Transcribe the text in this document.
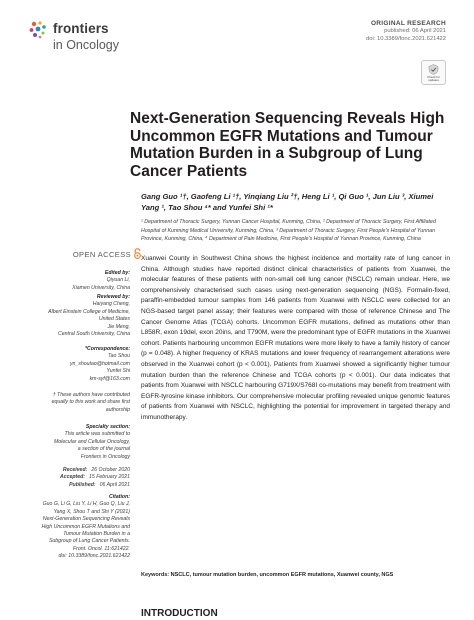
frontiers
in Oncology
ORIGINAL RESEARCH
published: 06 April 2021
doi: 10.3389/fonc.2021.621422
Check for updates
Next-Generation Sequencing Reveals High Uncommon EGFR Mutations and Tumour Mutation Burden in a Subgroup of Lung Cancer Patients
Gang Guo ¹†, Gaofeng Li ¹†, Yinqiang Liu ²†, Heng Li ¹, Qi Guo ¹, Jun Liu ³, Xiumei Yang ¹, Tao Shou ⁴* and Yunfei Shi ¹*
¹ Department of Thoracic Surgery, Yunnan Cancer Hospital, Kunming, China, ² Department of Thoracic Surgery, First Affiliated Hospital of Kunming Medical University, Kunming, China, ³ Department of Thoracic Surgery, First People's Hospital of Yunnan Province, Kunming, China, ⁴ Department of Pain Medicine, First People's Hospital of Yunnan Province, Kunming, China
OPEN ACCESS
Edited by:
Qiyuan Li,
Xiamen University, China
Reviewed by:
Haiyang Cheng,
Albert Einstein College of Medicine,
United States
Jie Meng,
Central South University, China
*Correspondence:
Tao Shou
yn_shoutao@hotmail.com
Yunfei Shi
km-syf@163.com
† These authors have contributed
equally to this work and share first
authorship
Specialty section:
This article was submitted to
Molecular and Cellular Oncology,
a section of the journal
Frontiers in Oncology
Received: 26 October 2020
Accepted: 15 February 2021
Published: 06 April 2021
Citation:
Guo G, Li G, Liu Y, Li H, Guo Q, Liu J,
Yang X, Shou T and Shi Y (2021)
Next-Generation Sequencing Reveals
High Uncommon EGFR Mutations and
Tumour Mutation Burden in a
Subgroup of Lung Cancer Patients.
Front. Oncol. 11:621422.
doi: 10.3389/fonc.2021.621422
Xuanwei County in Southwest China shows the highest incidence and mortality rate of lung cancer in China. Although studies have reported distinct clinical characteristics of patients from Xuanwei, the molecular features of these patients with non-small cell lung cancer (NSCLC) remain unclear. Here, we comprehensively characterised such cases using next-generation sequencing (NGS). Formalin-fixed, paraffin-embedded tumour samples from 146 patients from Xuanwei with NSCLC were collected for an NGS-based target panel assay; their features were compared with those of reference Chinese and The Cancer Genome Atlas (TCGA) cohorts. Uncommon EGFR mutations, defined as mutations other than L858R, exon 19del, exon 20ins, and T790M, were the predominant type of EGFR mutations in the Xuanwei cohort. Patients harbouring uncommon EGFR mutations were more likely to have a family history of cancer (p = 0.048). A higher frequency of KRAS mutations and lower frequency of rearrangement alterations were observed in the Xuanwei cohort (p < 0.001). Patients from Xuanwei showed a significantly higher tumour mutation burden than the reference Chinese and TCGA cohorts (p < 0.001). Our data indicates that patients from Xuanwei with NSCLC harbouring G719X/S768I co-mutations may benefit from treatment with EGFR-tyrosine kinase inhibitors. Our comprehensive molecular profiling revealed unique genomic features of patients from Xuanwei with NSCLC, highlighting the potential for improvement in targeted therapy and immunotherapy.
Keywords: NSCLC, tumour mutation burden, uncommon EGFR mutations, Xuanwei county, NGS
INTRODUCTION
